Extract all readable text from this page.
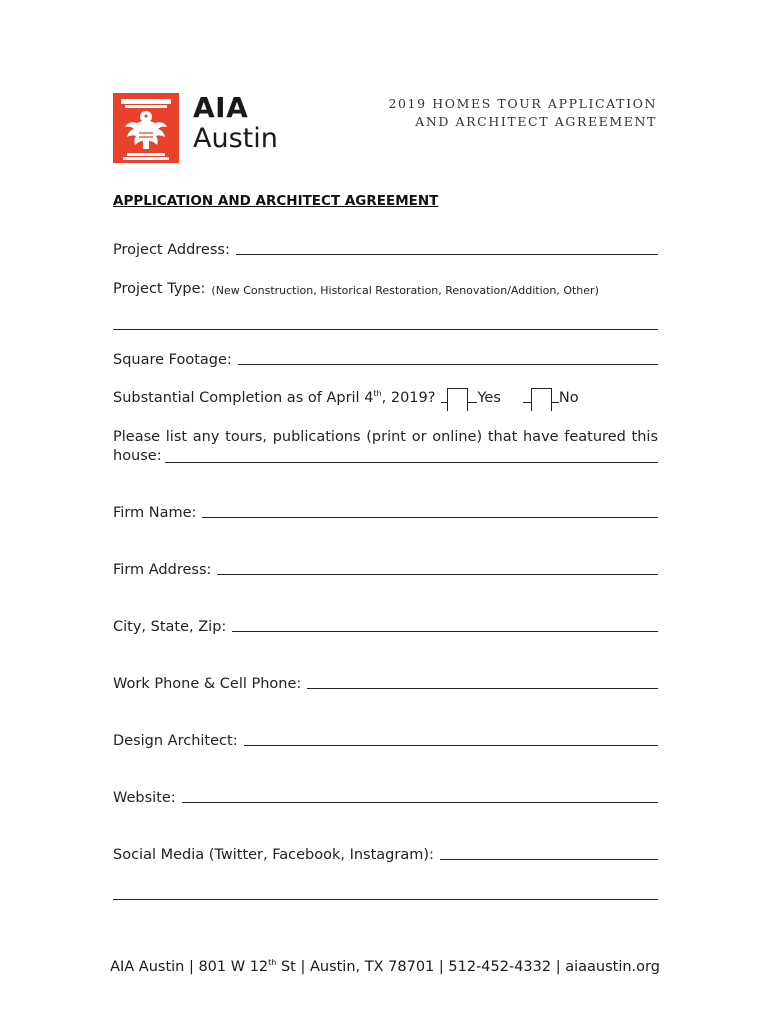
AIA
Austin
2019 HOMES TOUR APPLICATION
AND ARCHITECT AGREEMENT
APPLICATION AND ARCHITECT AGREEMENT
Project Address:
Project Type: (New Construction, Historical Restoration, Renovation/Addition, Other)
Square Footage:
Substantial Completion as of April 4th, 2019?	Yes	No
Please list any tours, publications (print or online) that have featured this
house:
Firm Name:
Firm Address:
City, State, Zip:
Work Phone & Cell Phone:
Design Architect:
Website:
Social Media (Twitter, Facebook, Instagram):
AIA Austin | 801 W 12th St | Austin, TX 78701 | 512-452-4332 | aiaaustin.org
